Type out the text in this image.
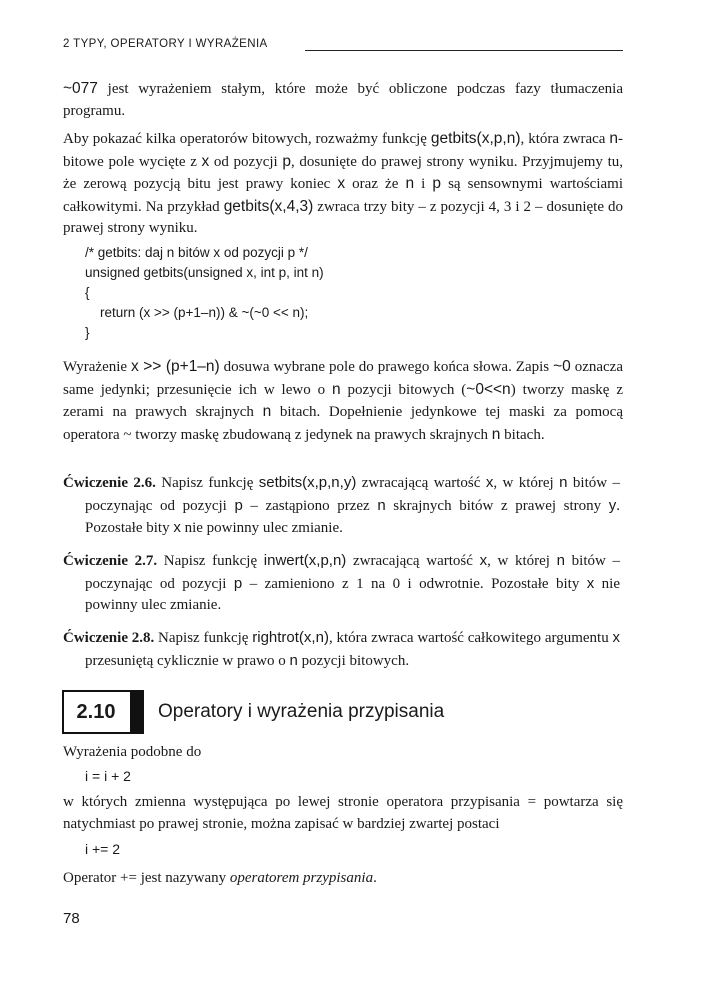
2 TYPY, OPERATORY I WYRAŻENIA
~077 jest wyrażeniem stałym, które może być obliczone podczas fazy tłumaczenia programu.
Aby pokazać kilka operatorów bitowych, rozważmy funkcję getbits(x,p,n), która zwraca n-bitowe pole wycięte z x od pozycji p, dosunięte do prawej strony wyniku. Przyjmujemy tu, że zerową pozycją bitu jest prawy koniec x oraz że n i p są sensownymi wartościami całkowitymi. Na przykład getbits(x,4,3) zwraca trzy bity – z pozycji 4, 3 i 2 – dosunięte do prawej strony wyniku.
/* getbits: daj n bitów x od pozycji p */
unsigned getbits(unsigned x, int p, int n)
{
return (x >> (p+1–n)) & ~(~0 << n);
}
Wyrażenie x >> (p+1–n) dosuwa wybrane pole do prawego końca słowa. Zapis ~0 oznacza same jedynki; przesunięcie ich w lewo o n pozycji bitowych (~0<<n) tworzy maskę z zerami na prawych skrajnych n bitach. Dopełnienie jedynkowe tej maski za pomocą operatora ~ tworzy maskę zbudowaną z jedynek na prawych skrajnych n bitach.
Ćwiczenie 2.6. Napisz funkcję setbits(x,p,n,y) zwracającą wartość x, w której n bitów – poczynając od pozycji p – zastąpiono przez n skrajnych bitów z prawej strony y. Pozostałe bity x nie powinny ulec zmianie.
Ćwiczenie 2.7. Napisz funkcję inwert(x,p,n) zwracającą wartość x, w której n bitów – poczynając od pozycji p – zamieniono z 1 na 0 i odwrotnie. Pozostałe bity x nie powinny ulec zmianie.
Ćwiczenie 2.8. Napisz funkcję rightrot(x,n), która zwraca wartość całkowitego argumentu x przesuniętą cyklicznie w prawo o n pozycji bitowych.
2.10	Operatory i wyrażenia przypisania
Wyrażenia podobne do
i = i + 2
w których zmienna występująca po lewej stronie operatora przypisania = powtarza się natychmiast po prawej stronie, można zapisać w bardziej zwartej postaci
i += 2
Operator += jest nazywany operatorem przypisania.
78
